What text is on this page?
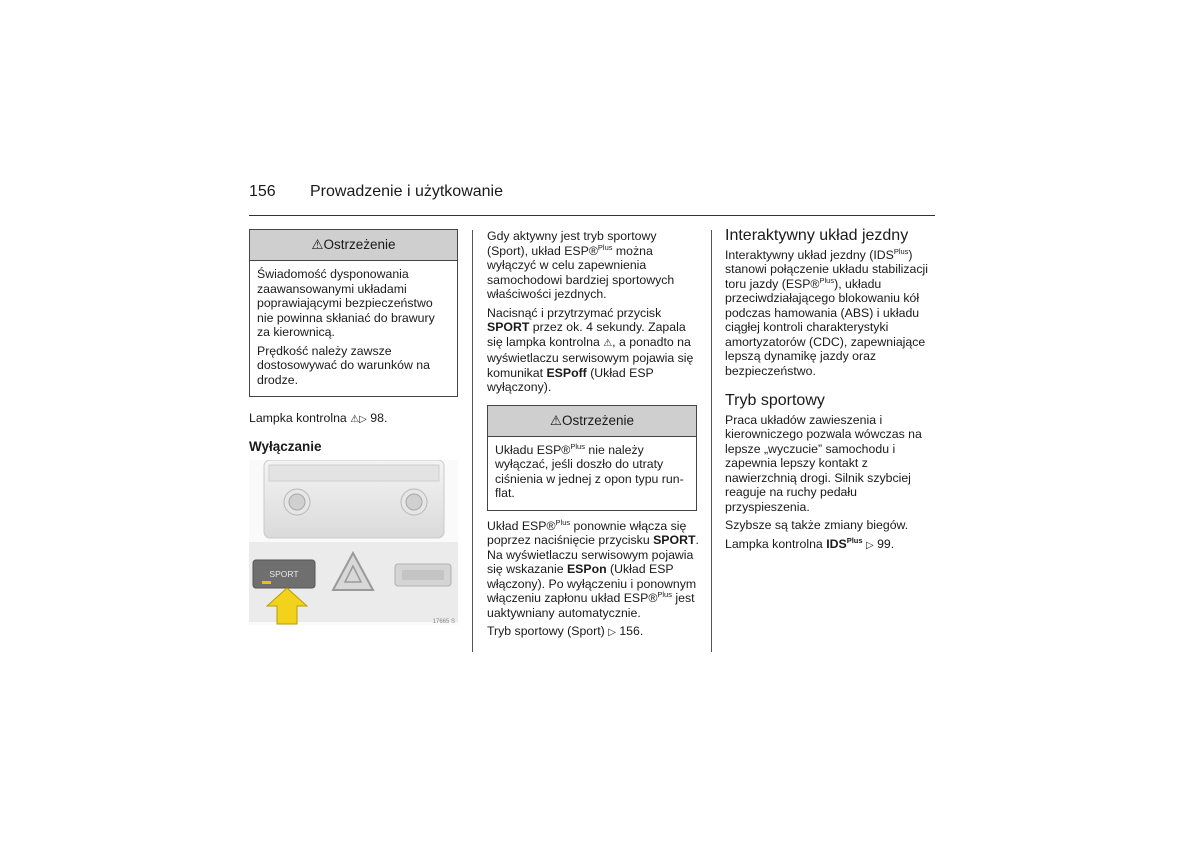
156 Prowadzenie i użytkowanie
⚠Ostrzeżenie

Świadomość dysponowania zaawansowanymi układami poprawiającymi bezpieczeństwo nie powinna skłaniać do brawury za kierownicą.

Prędkość należy zawsze dostosowywać do warunków na drodze.

Lampka kontrolna ⚠▷ 98.

Wyłączanie
SPORT
17665 S

Gdy aktywny jest tryb sportowy (Sport), układ ESP®$^{Plus}$ można wyłączyć w celu zapewnienia samochodowi bardziej sportowych właściwości jezdnych.

Nacisnąć i przytrzymać przycisk SPORT przez ok. 4 sekundy. Zapala się lampka kontrolna ⚠, a ponadto na wyświetlaczu serwisowym pojawia się komunikat ESPoff (Układ ESP wyłączony).

⚠Ostrzeżenie

Układu ESP®$^{Plus}$ nie należy wyłączać, jeśli doszło do utraty ciśnienia w jednej z opon typu run-flat.

Układ ESP®$^{Plus}$ ponownie włącza się poprzez naciśnięcie przycisku SPORT. Na wyświetlaczu serwisowym pojawia się wskazanie ESPon (Układ ESP włączony). Po wyłączeniu i ponownym włączeniu zapłonu układ ESP®$^{Plus}$ jest uaktywniany automatycznie.

Tryb sportowy (Sport) ▷ 156.

Interaktywny układ jezdny

Interaktywny układ jezdny $(IDS^{Plus})$ stanowi połączenie układu stabilizacji toru jazdy (ESP®$^{Plus}$), układu przeciwdziałającego blokowaniu kół podczas hamowania (ABS) i układu ciągłej kontroli charakterystyki amortyzatorów (CDC), zapewniające lepszą dynamikę jazdy oraz bezpieczeństwo.

Tryb sportowy

Praca układów zawieszenia i kierowniczego pozwala wówczas na lepsze „wyczucie” samochodu i zapewnia lepszy kontakt z nawierzchnią drogi. Silnik szybciej reaguje na ruchy pedału przyspieszenia.

Szybsze są także zmiany biegów.

Lampka kontrolna $IDS^{Plus}$ ▷ 99.
